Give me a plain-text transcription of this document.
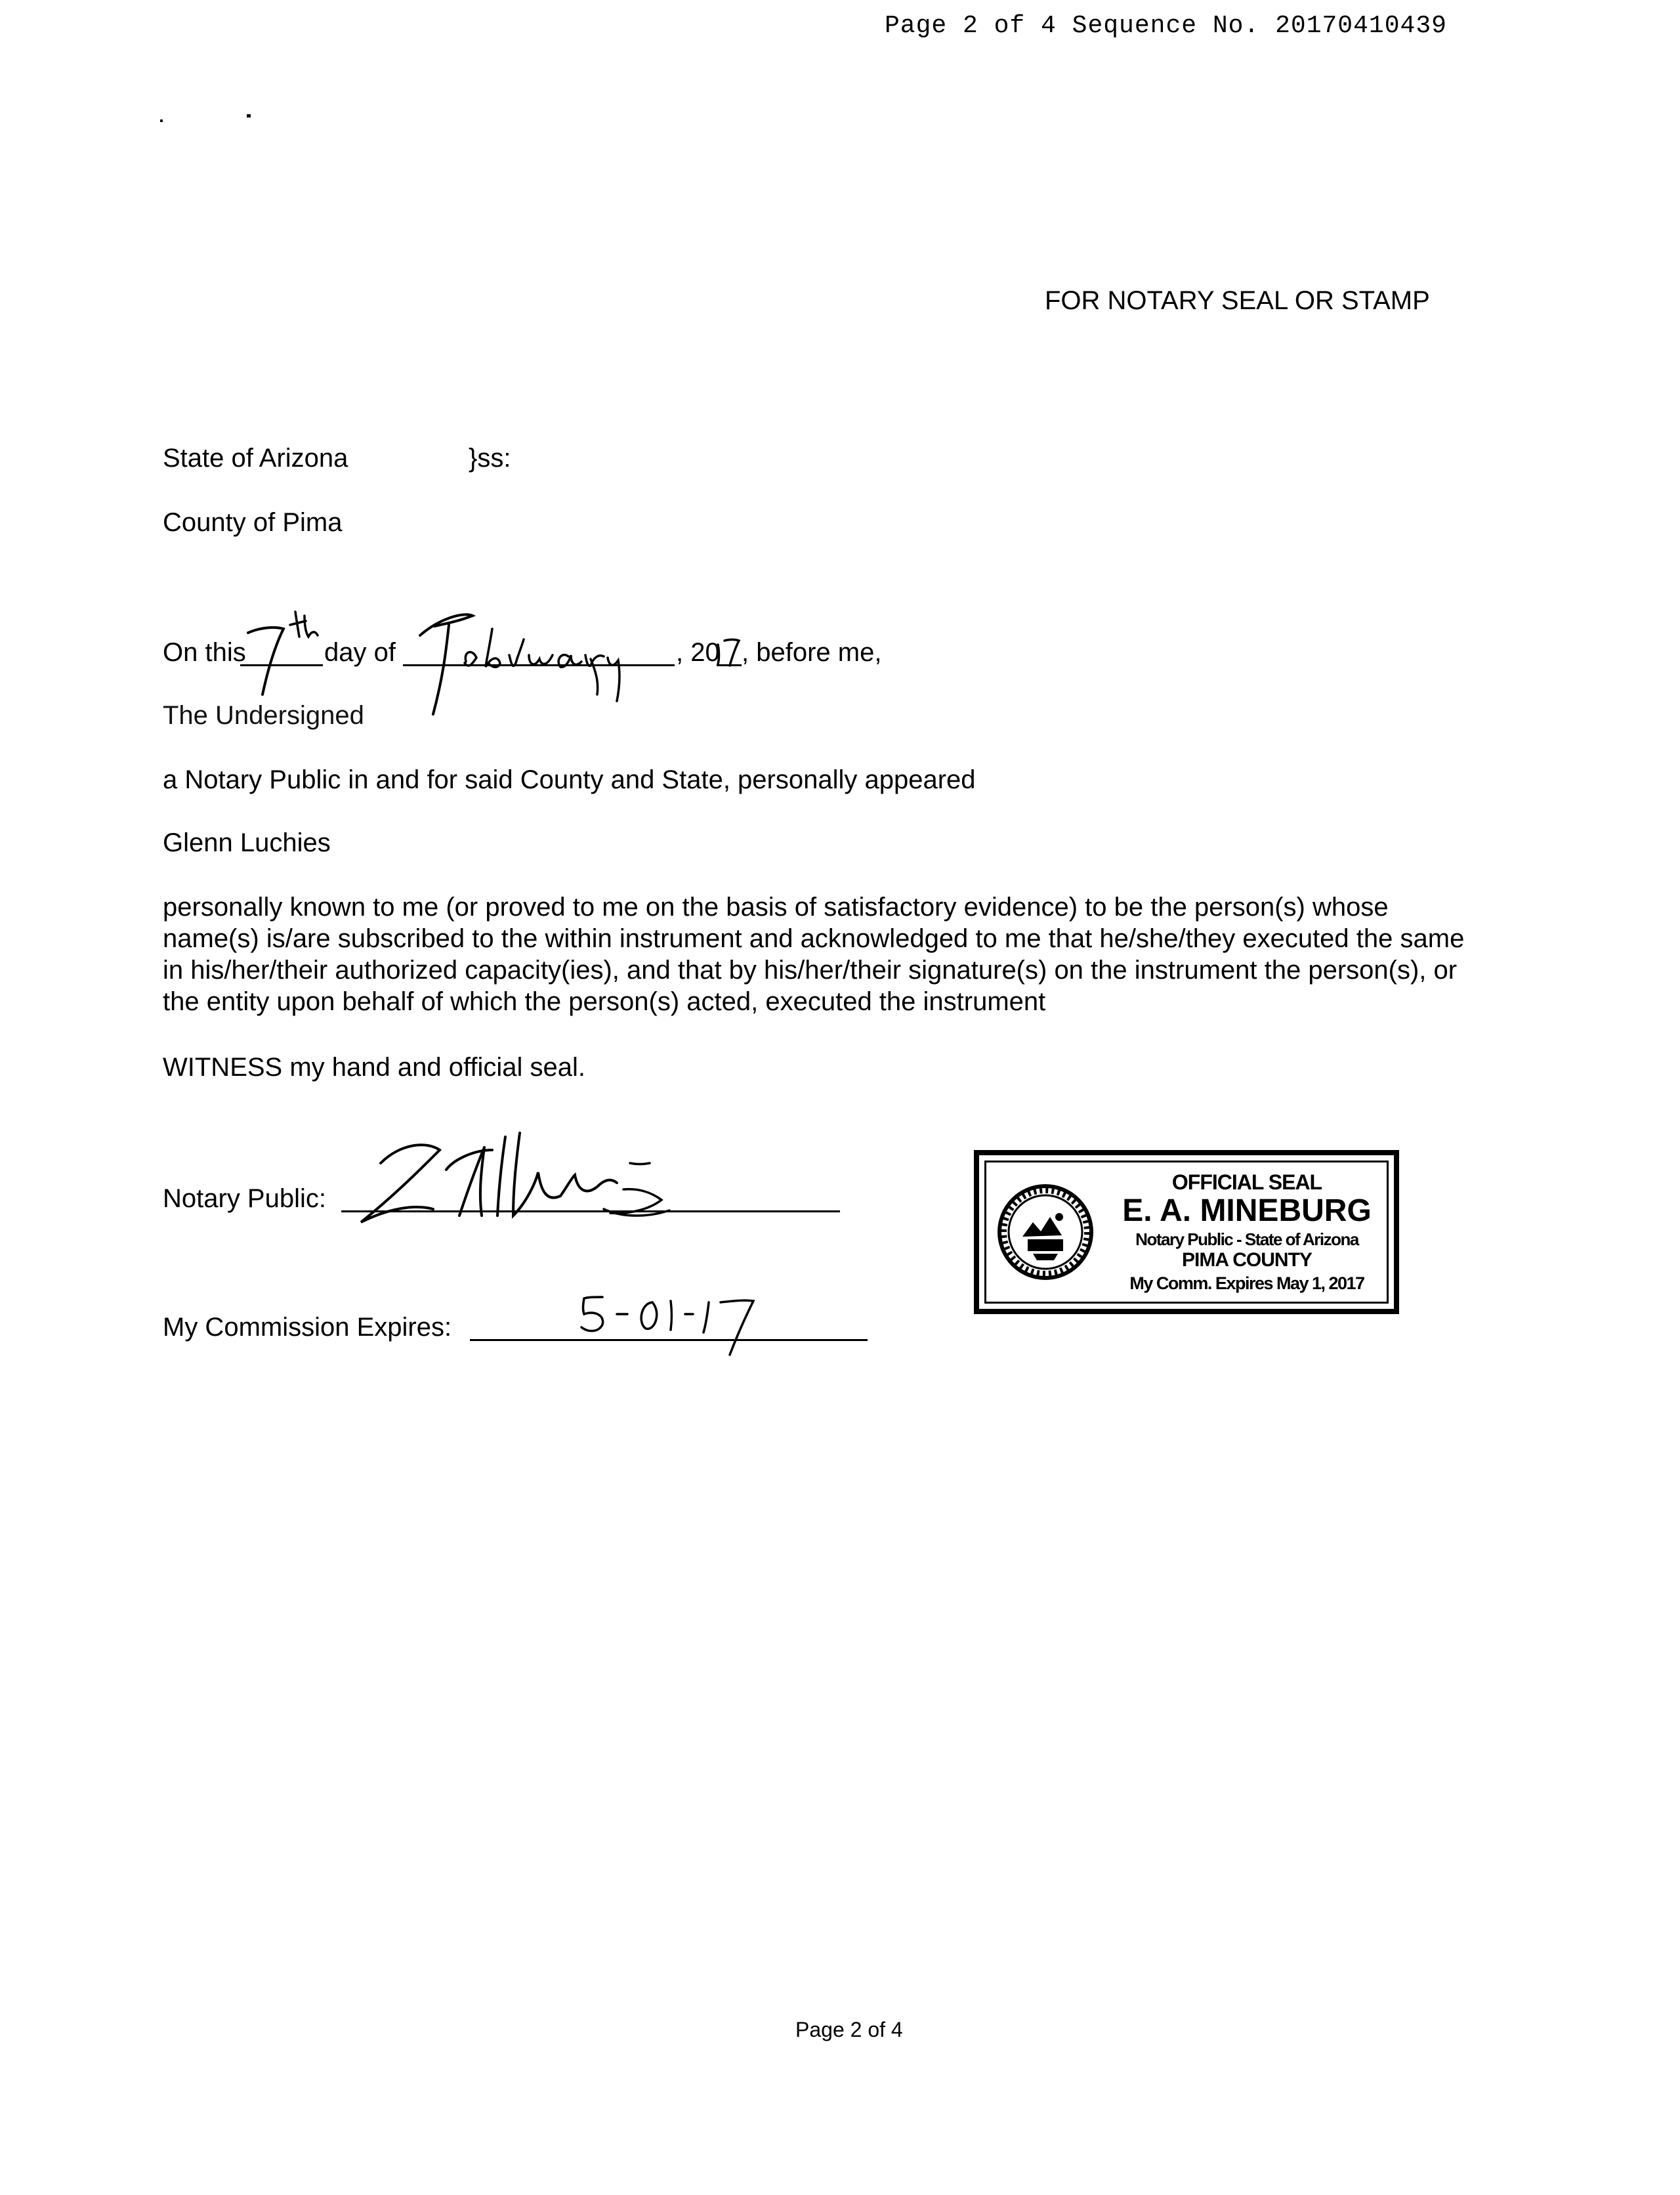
Page 2 of 4 Sequence No. 20170410439
FOR NOTARY SEAL OR STAMP
State of Arizona	}ss:
County of Pima
On this	day of	, 20 , before me,
The Undersigned
a Notary Public in and for said County and State, personally appeared
Glenn Luchies
personally known to me (or proved to me on the basis of satisfactory evidence) to be the person(s) whose
name(s) is/are subscribed to the within instrument and acknowledged to me that he/she/they executed the same
in his/her/their authorized capacity(ies), and that by his/her/their signature(s) on the instrument the person(s), or
the entity upon behalf of which the person(s) acted, executed the instrument
WITNESS my hand and official seal.
Notary Public:
My Commission Expires:
OFFICIAL SEAL
E. A. MINEBURG
Notary Public - State of Arizona
PIMA COUNTY
My Comm. Expires May 1, 2017
Page 2 of 4
